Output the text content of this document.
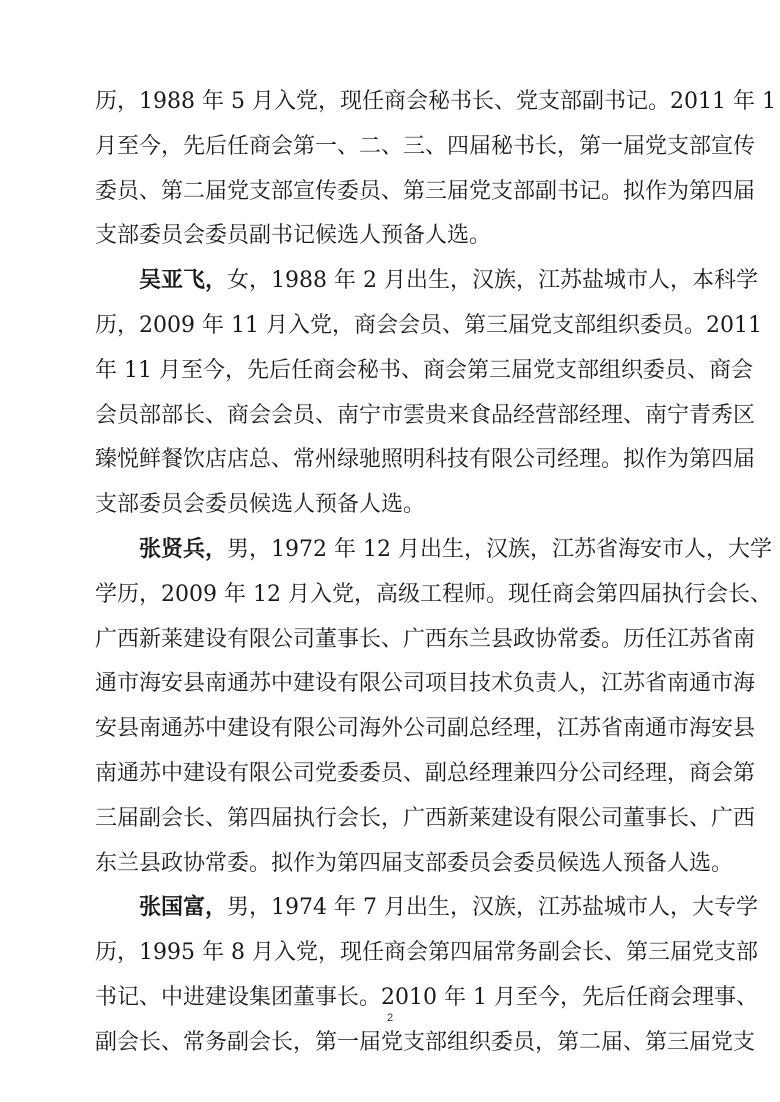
历，1988 年 5 月入党，现任商会秘书长、党支部副书记。2011 年 1
月至今，先后任商会第一、二、三、四届秘书长，第一届党支部宣传
委员、第二届党支部宣传委员、第三届党支部副书记。拟作为第四届
支部委员会委员副书记候选人预备人选。
吴亚飞，女，1988 年 2 月出生，汉族，江苏盐城市人，本科学
历，2009 年 11 月入党，商会会员、第三届党支部组织委员。2011
年 11 月至今，先后任商会秘书、商会第三届党支部组织委员、商会
会员部部长、商会会员、南宁市雲贵来食品经营部经理、南宁青秀区
臻悦鲜餐饮店店总、常州绿驰照明科技有限公司经理。拟作为第四届
支部委员会委员候选人预备人选。
张贤兵，男，1972 年 12 月出生，汉族，江苏省海安市人，大学
学历，2009 年 12 月入党，高级工程师。现任商会第四届执行会长、
广西新莱建设有限公司董事长、广西东兰县政协常委。历任江苏省南
通市海安县南通苏中建设有限公司项目技术负责人，江苏省南通市海
安县南通苏中建设有限公司海外公司副总经理，江苏省南通市海安县
南通苏中建设有限公司党委委员、副总经理兼四分公司经理，商会第
三届副会长、第四届执行会长，广西新莱建设有限公司董事长、广西
东兰县政协常委。拟作为第四届支部委员会委员候选人预备人选。
张国富，男，1974 年 7 月出生，汉族，江苏盐城市人，大专学
历，1995 年 8 月入党，现任商会第四届常务副会长、第三届党支部
书记、中进建设集团董事长。2010 年 1 月至今，先后任商会理事、
副会长、常务副会长，第一届党支部组织委员，第二届、第三届党支
2
